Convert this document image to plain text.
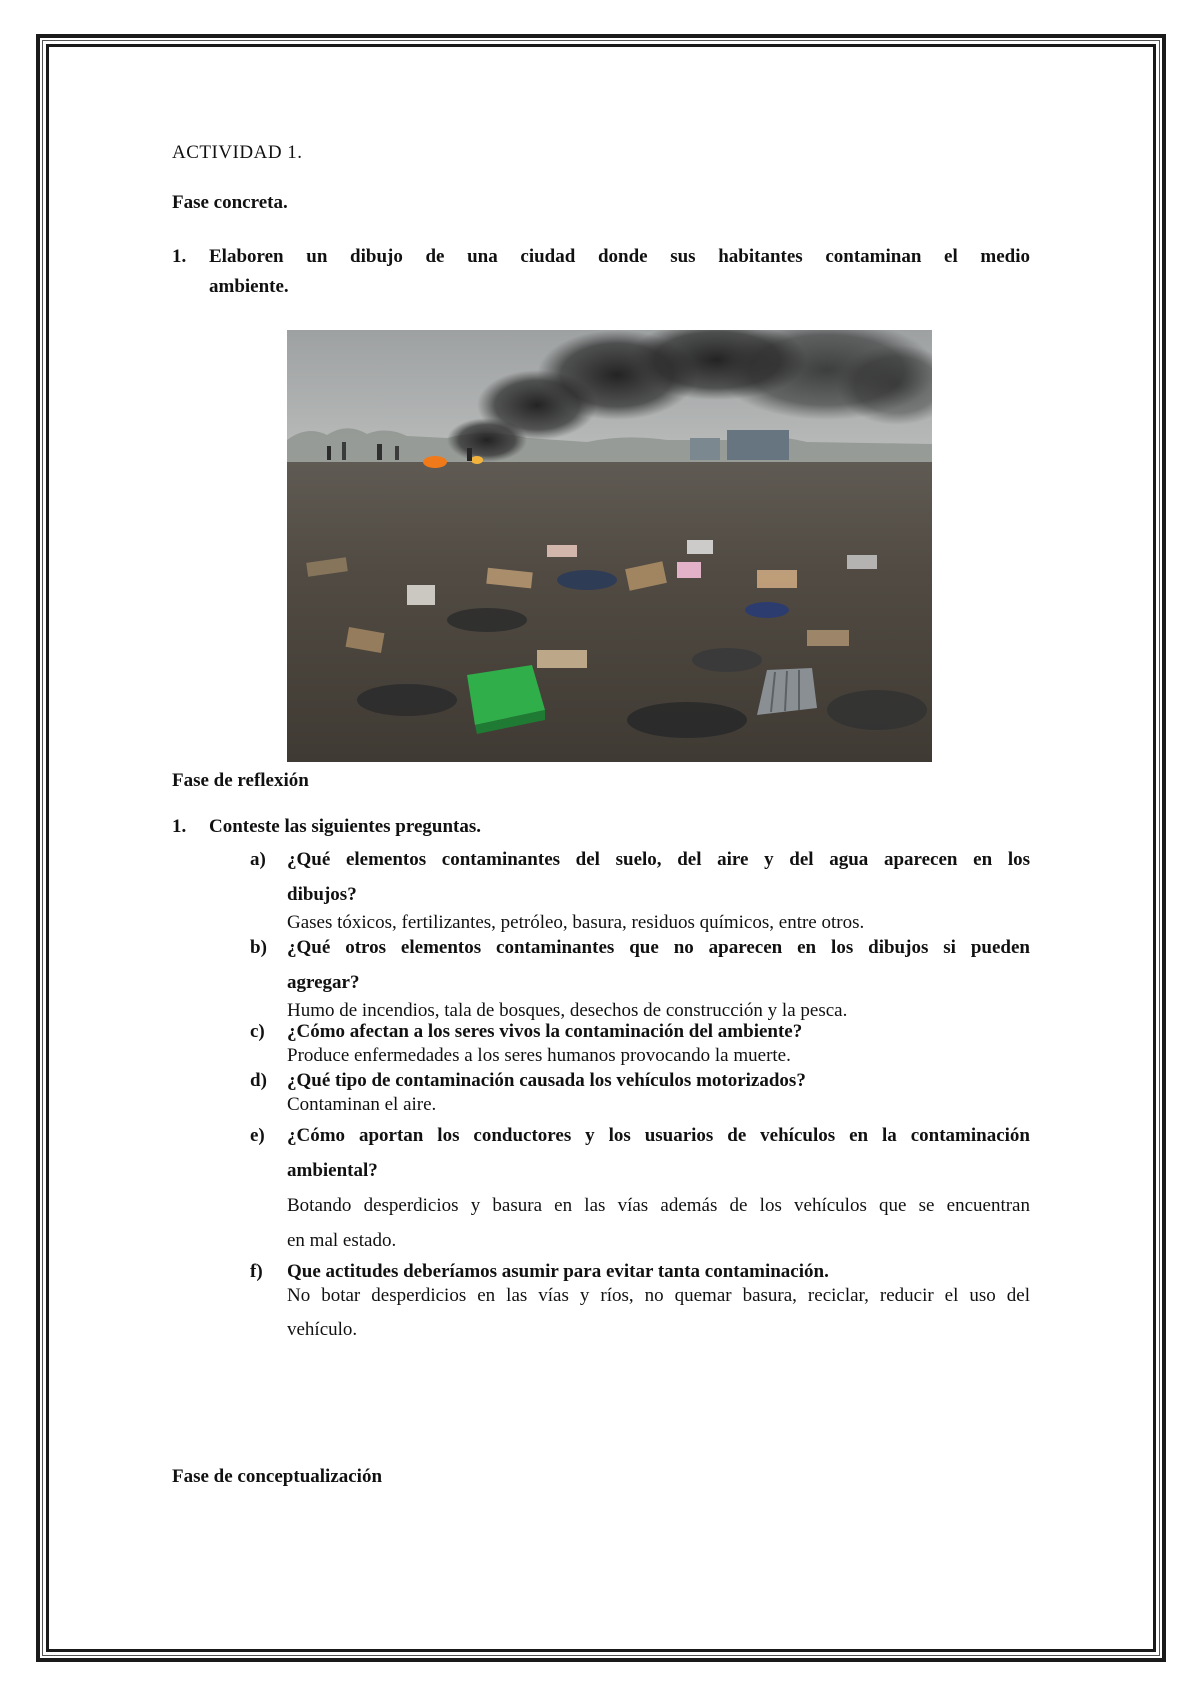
ACTIVIDAD 1.
Fase concreta.
1. Elaboren un dibujo de una ciudad donde sus habitantes contaminan el medio
ambiente.
Fase de reflexión
1. Conteste las siguientes preguntas.
a) ¿Qué elementos contaminantes del suelo, del aire y del agua aparecen en los
dibujos?
Gases tóxicos, fertilizantes, petróleo, basura, residuos químicos, entre otros.
b) ¿Qué otros elementos contaminantes que no aparecen en los dibujos si pueden
agregar?
Humo de incendios, tala de bosques, desechos de construcción y la pesca.
c) ¿Cómo afectan a los seres vivos la contaminación del ambiente?
Produce enfermedades a los seres humanos provocando la muerte.
d) ¿Qué tipo de contaminación causada los vehículos motorizados?
Contaminan el aire.
e) ¿Cómo aportan los conductores y los usuarios de vehículos en la contaminación
ambiental?
Botando desperdicios y basura en las vías además de los vehículos que se encuentran
en mal estado.
f) Que actitudes deberíamos asumir para evitar tanta contaminación.
No botar desperdicios en las vías y ríos, no quemar basura, reciclar, reducir el uso del
vehículo.
Fase de conceptualización
